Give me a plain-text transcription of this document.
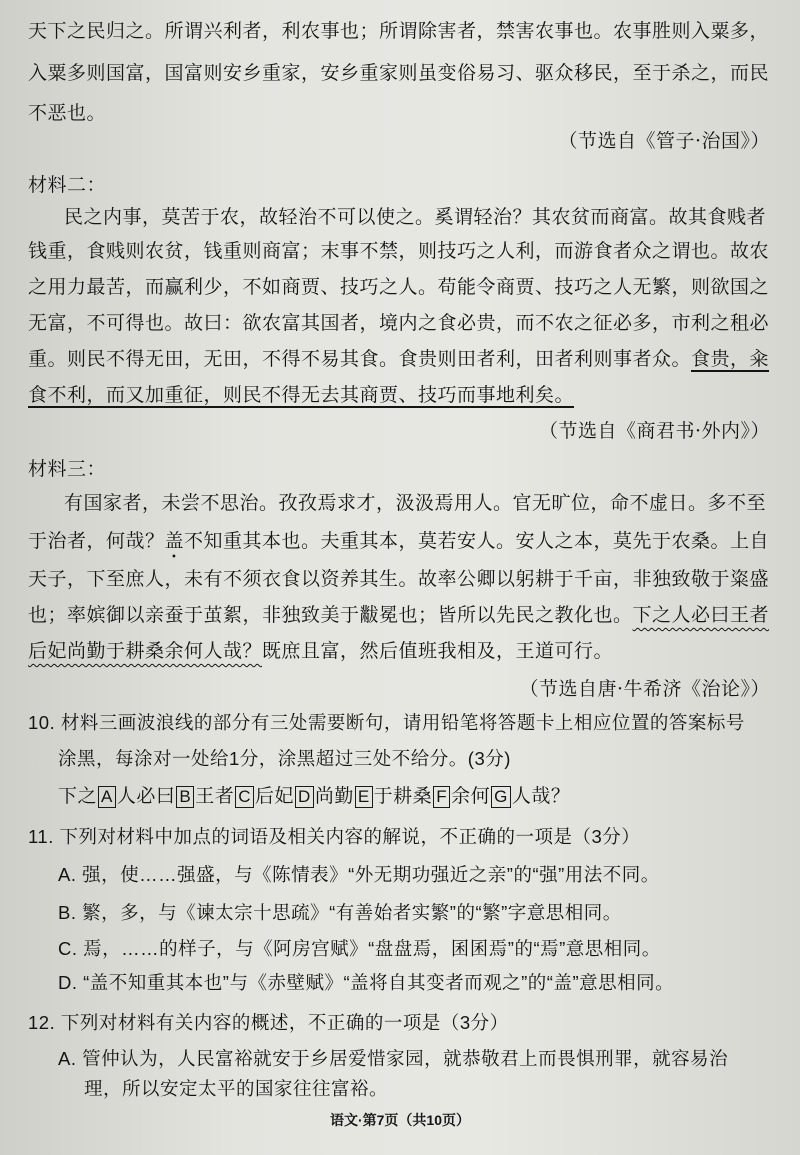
天下之民归之。所谓兴利者，利农事也；所谓除害者，禁害农事也。农事胜则入粟多，
入粟多则国富，国富则安乡重家，安乡重家则虽变俗易习、驱众移民，至于杀之，而民
不恶也。
（节选自《管子·治国》）
材料二：
民之内事，莫苦于农，故轻治不可以使之。奚谓轻治？其农贫而商富。故其食贱者
钱重，食贱则农贫，钱重则商富；末事不禁，则技巧之人利，而游食者众之谓也。故农
之用力最苦，而赢利少，不如商贾、技巧之人。苟能令商贾、技巧之人无繁，则欲国之
无富，不可得也。故曰：欲农富其国者，境内之食必贵，而不农之征必多，市利之租必
重。则民不得无田，无田，不得不易其食。食贵则田者利，田者利则事者众。食贵，籴
食不利，而又加重征，则民不得无去其商贾、技巧而事地利矣。
（节选自《商君书·外内》）
材料三：
有国家者，未尝不思治。孜孜焉求才，汲汲焉用人。官无旷位，命不虚日。多不至
于治者，何哉？盖不知重其本也。夫重其本，莫若安人。安人之本，莫先于农桑。上自
天子，下至庶人，未有不须衣食以资养其生。故率公卿以躬耕于千亩，非独致敬于粢盛
也；率嫔御以亲蚕于茧絮，非独致美于黻冕也；皆所以先民之教化也。下之人必曰王者
后妃尚勤于耕桑余何人哉？既庶且富，然后值班我相及，王道可行。
（节选自唐·牛希济《治论》）
10. 材料三画波浪线的部分有三处需要断句，请用铅笔将答题卡上相应位置的答案标号
涂黑，每涂对一处给1分，涂黑超过三处不给分。(3分)
下之 A 人必曰 B 王者 C 后妃 D 尚勤 E 于耕桑 F 余何 G 人哉？
11. 下列对材料中加点的词语及相关内容的解说，不正确的一项是（3分）
A. 强，使……强盛，与《陈情表》“外无期功强近之亲”的“强”用法不同。
B. 繁，多，与《谏太宗十思疏》“有善始者实繁”的“繁”字意思相同。
C. 焉，……的样子，与《阿房宫赋》“盘盘焉，囷囷焉”的“焉”意思相同。
D. “盖不知重其本也”与《赤壁赋》“盖将自其变者而观之”的“盖”意思相同。
12. 下列对材料有关内容的概述，不正确的一项是（3分）
A. 管仲认为，人民富裕就安于乡居爱惜家园，就恭敬君上而畏惧刑罪，就容易治
理，所以安定太平的国家往往富裕。
语文·第7页（共10页）
